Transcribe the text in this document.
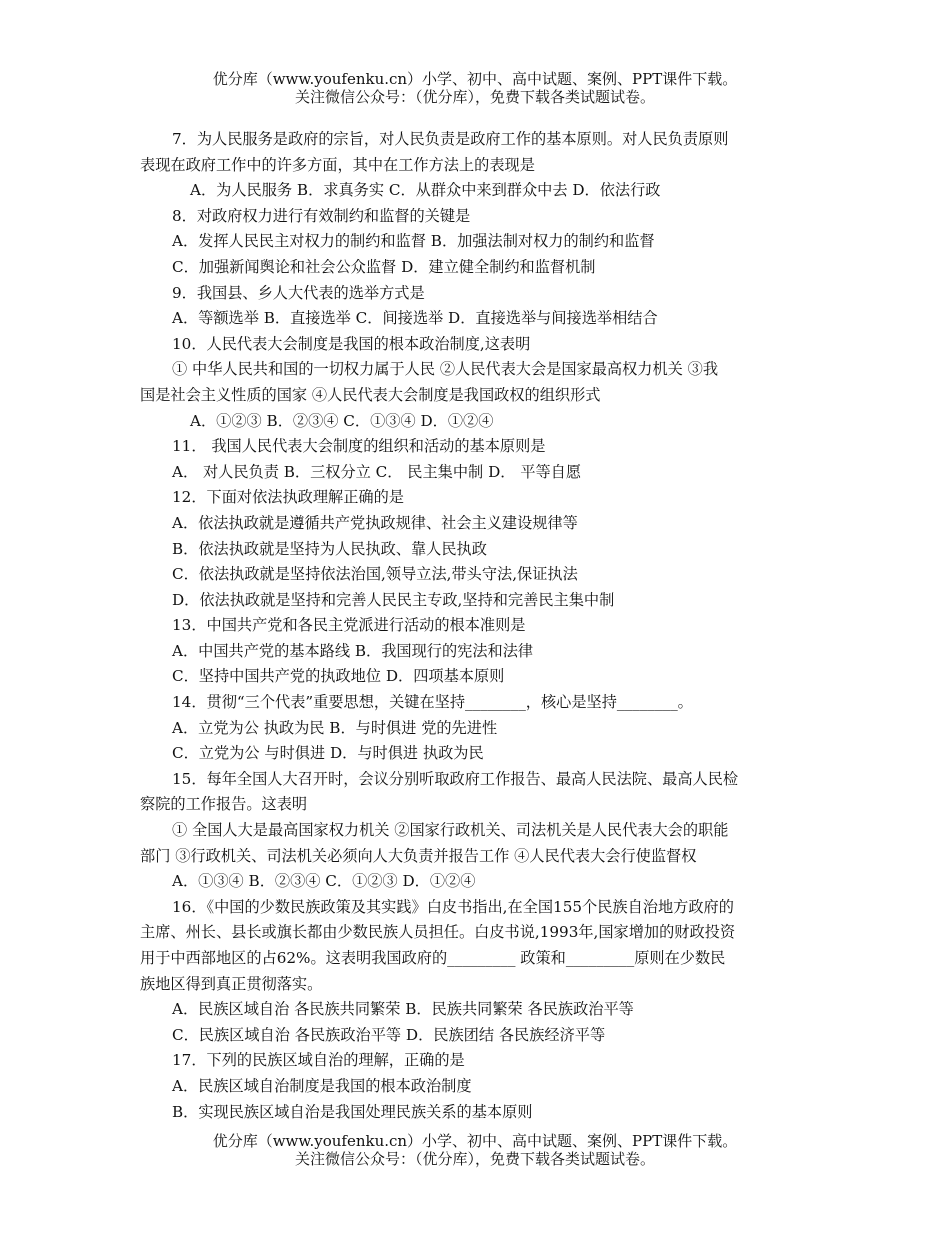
优分库（www.youfenku.cn）小学、初中、高中试题、案例、PPT课件下载。
关注微信公众号：（优分库），免费下载各类试题试卷。
7．为人民服务是政府的宗旨，对人民负责是政府工作的基本原则。对人民负责原则
表现在政府工作中的许多方面，其中在工作方法上的表现是
A．为人民服务 B．求真务实 C．从群众中来到群众中去 D．依法行政
8．对政府权力进行有效制约和监督的关键是
A．发挥人民民主对权力的制约和监督 B．加强法制对权力的制约和监督
C．加强新闻舆论和社会公众监督 D．建立健全制约和监督机制
9．我国县、乡人大代表的选举方式是
A．等额选举 B．直接选举 C．间接选举 D．直接选举与间接选举相结合
10．人民代表大会制度是我国的根本政治制度,这表明
① 中华人民共和国的一切权力属于人民 ②人民代表大会是国家最高权力机关 ③我
国是社会主义性质的国家 ④人民代表大会制度是我国政权的组织形式
A．①②③ B．②③④ C．①③④ D．①②④
11． 我国人民代表大会制度的组织和活动的基本原则是
A． 对人民负责 B．三权分立 C． 民主集中制 D． 平等自愿
12．下面对依法执政理解正确的是
A．依法执政就是遵循共产党执政规律、社会主义建设规律等
B．依法执政就是坚持为人民执政、靠人民执政
C．依法执政就是坚持依法治国,领导立法,带头守法,保证执法
D．依法执政就是坚持和完善人民民主专政,坚持和完善民主集中制
13．中国共产党和各民主党派进行活动的根本准则是
A．中国共产党的基本路线 B．我国现行的宪法和法律
C．坚持中国共产党的执政地位 D．四项基本原则
14．贯彻“三个代表”重要思想，关键在坚持________，核心是坚持________。
A．立党为公 执政为民 B．与时俱进 党的先进性
C．立党为公 与时俱进 D．与时俱进 执政为民
15．每年全国人大召开时，会议分别听取政府工作报告、最高人民法院、最高人民检
察院的工作报告。这表明
① 全国人大是最高国家权力机关 ②国家行政机关、司法机关是人民代表大会的职能
部门 ③行政机关、司法机关必须向人大负责并报告工作 ④人民代表大会行使监督权
A．①③④ B．②③④ C．①②③ D．①②④
16．《中国的少数民族政策及其实践》白皮书指出,在全国155个民族自治地方政府的
主席、州长、县长或旗长都由少数民族人员担任。白皮书说,1993年,国家增加的财政投资
用于中西部地区的占62%。这表明我国政府的_________ 政策和_________原则在少数民
族地区得到真正贯彻落实。
A．民族区域自治 各民族共同繁荣 B．民族共同繁荣 各民族政治平等
C．民族区域自治 各民族政治平等 D．民族团结 各民族经济平等
17．下列的民族区域自治的理解，正确的是
A．民族区域自治制度是我国的根本政治制度
B．实现民族区域自治是我国处理民族关系的基本原则
优分库（www.youfenku.cn）小学、初中、高中试题、案例、PPT课件下载。
关注微信公众号：（优分库），免费下载各类试题试卷。
